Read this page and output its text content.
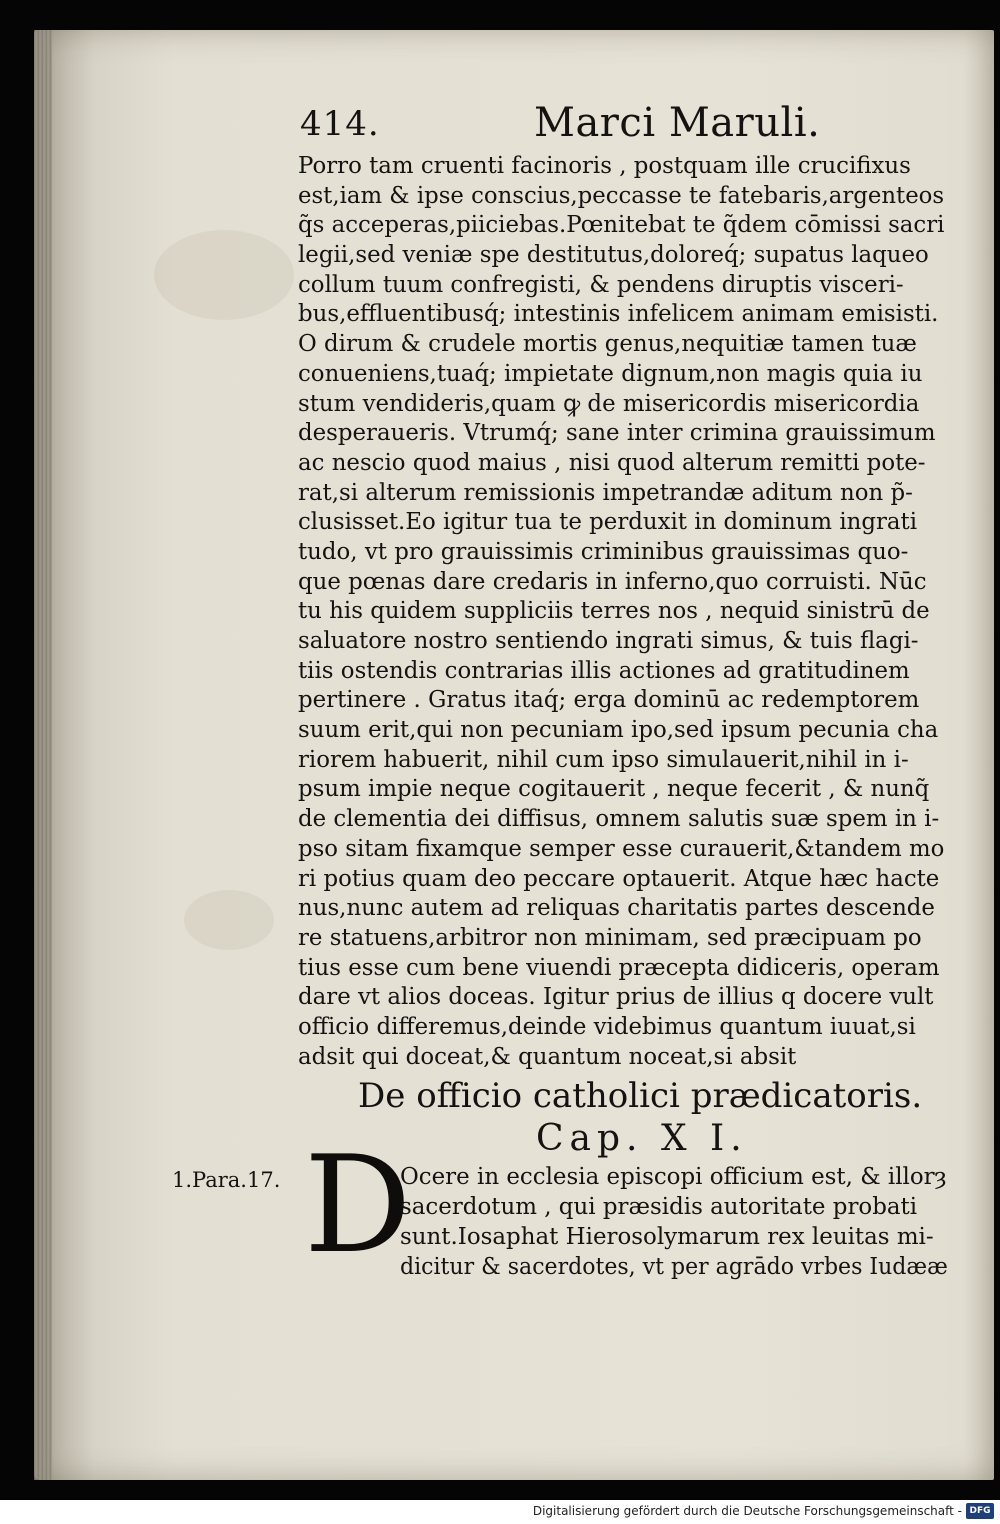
414.	Marci Maruli.
Porro tam cruenti facinoris , postquam ille crucifixus
est,iam & ipse conscius,peccasse te fatebaris,argenteos
q̃s acceperas,piiciebas.Pœnitebat te q̃dem cōmissi sacri
legii,sed veniæ spe destitutus,doloreq́; supatus laqueo
collum tuum confregisti, & pendens diruptis visceri-
bus,effluentibusq́; intestinis infelicem animam emisisti.
O dirum & crudele mortis genus,nequitiæ tamen tuæ
conueniens,tuaq́; impietate dignum,non magis quia iu
stum vendideris,quam ꝙ de misericordis misericordia
desperaueris. Vtrumq́; sane inter crimina grauissimum
ac nescio quod maius , nisi quod alterum remitti pote-
rat,si alterum remissionis impetrandæ aditum non p̃-
clusisset.Eo igitur tua te perduxit in dominum ingrati
tudo, vt pro grauissimis criminibus grauissimas quo-
que pœnas dare credaris in inferno,quo corruisti. Nūc
tu his quidem suppliciis terres nos , nequid sinistrū de
saluatore nostro sentiendo ingrati simus, & tuis flagi-
tiis ostendis contrarias illis actiones ad gratitudinem
pertinere . Gratus itaq́; erga dominū ac redemptorem
suum erit,qui non pecuniam ipo,sed ipsum pecunia cha
riorem habuerit, nihil cum ipso simulauerit,nihil in i-
psum impie neque cogitauerit , neque fecerit , & nunq̃
de clementia dei diffisus, omnem salutis suæ spem in i-
pso sitam fixamque semper esse curauerit,&tandem mo
ri potius quam deo peccare optauerit. Atque hæc hacte
nus,nunc autem ad reliquas charitatis partes descende
re statuens,arbitror non minimam, sed præcipuam po
tius esse cum bene viuendi præcepta didiceris, operam
dare vt alios doceas. Igitur prius de illius q docere vult
officio differemus,deinde videbimus quantum iuuat,si
adsit qui doceat,& quantum noceat,si absit
De officio catholici prædicatoris.
Cap. X I.
1.Para.17. D
Ocere in ecclesia episcopi officium est, & illorȝ
sacerdotum , qui præsidis autoritate probati
sunt.Iosaphat Hierosolymarum rex leuitas mi-
dicitur & sacerdotes, vt per agrādo vrbes Iudææ
Digitalisierung gefördert durch die Deutsche Forschungsgemeinschaft - DFG
